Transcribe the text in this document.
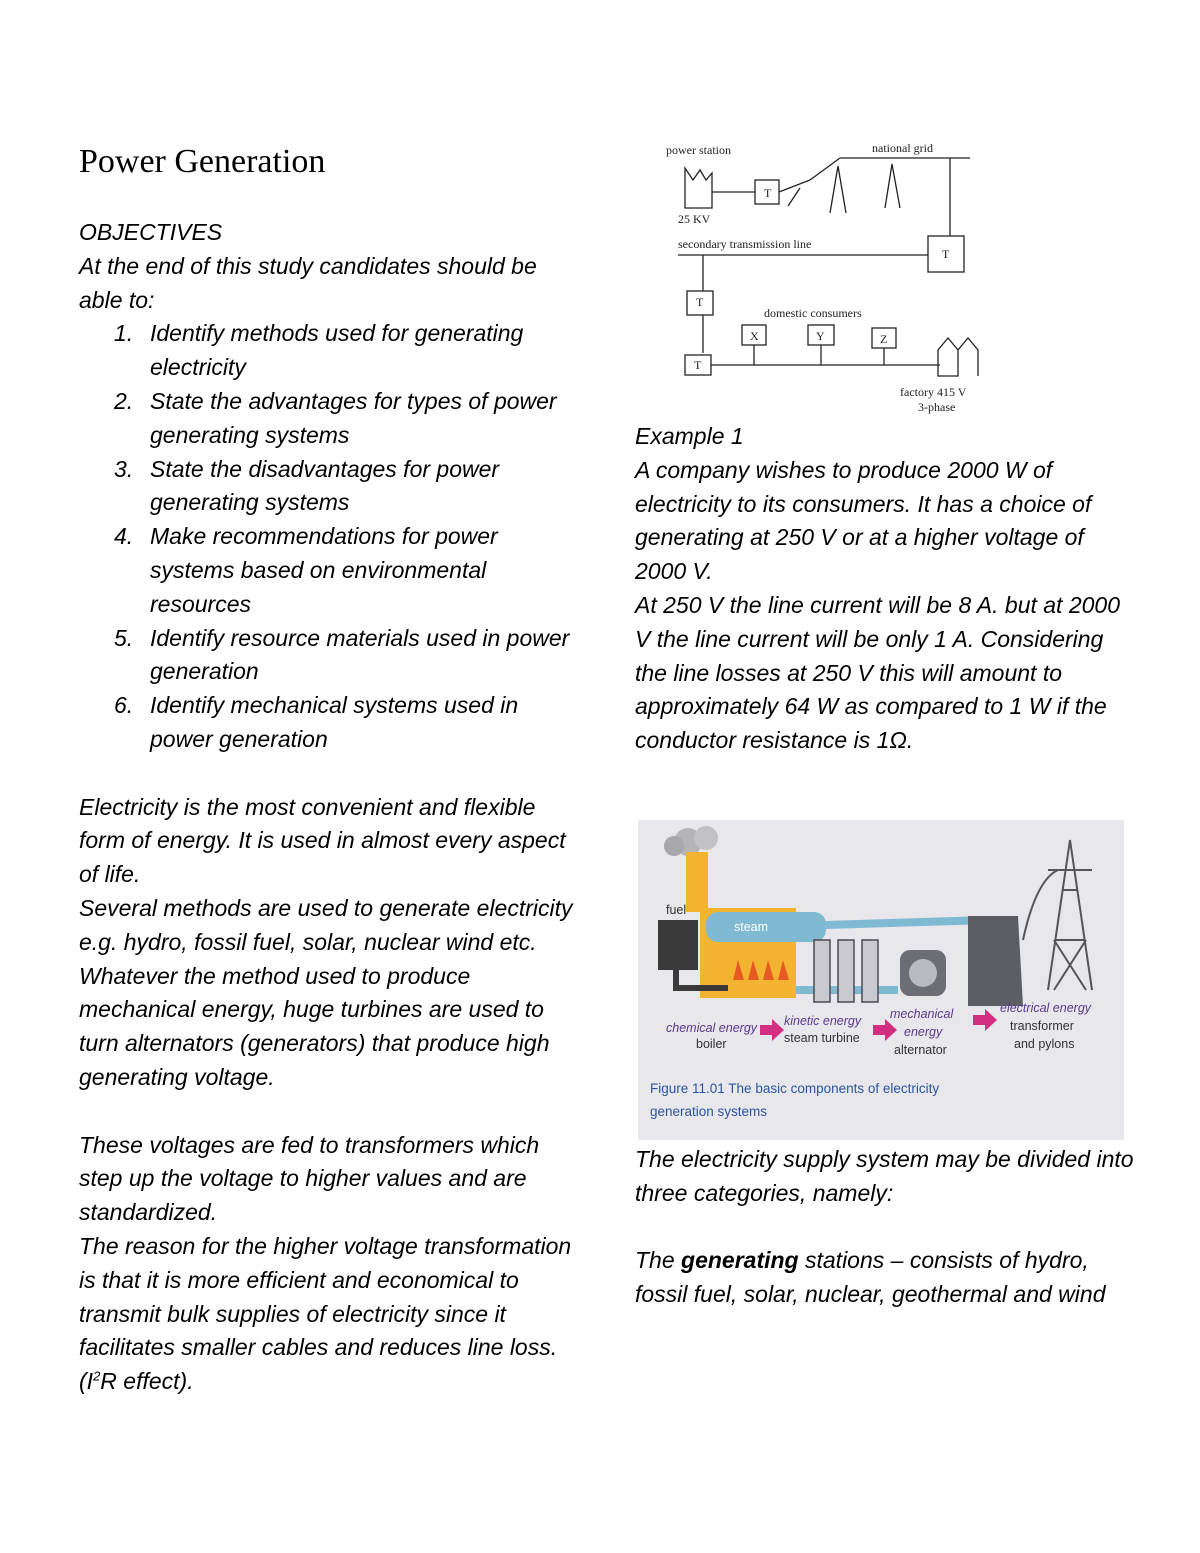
Power Generation

OBJECTIVES

At the end of this study candidates should be able to:

1. Identify methods used for generating electricity
2. State the advantages for types of power generating systems
3. State the disadvantages for power generating systems
4. Make recommendations for power systems based on environmental resources
5. Identify resource materials used in power generation
6. Identify mechanical systems used in power generation

Electricity is the most convenient and flexible form of energy. It is used in almost every aspect of life.

Several methods are used to generate electricity e.g. hydro, fossil fuel, solar, nuclear wind etc. Whatever the method used to produce mechanical energy, huge turbines are used to turn alternators (generators) that produce high generating voltage.

These voltages are fed to transformers which step up the voltage to higher values and are standardized.

The reason for the higher voltage transformation is that it is more efficient and economical to transmit bulk supplies of electricity since it facilitates smaller cables and reduces line loss. ($I^2R$ effect).

power station	national grid
25 KV
secondary transmission line
T
T
T
T
domestic consumers
X	Y	Z
factory 415 V
3-phase

Example 1

A company wishes to produce 2000 W of electricity to its consumers. It has a choice of generating at 250 V or at a higher voltage of 2000 V.

At 250 V the line current will be 8 A. but at 2000 V the line current will be only 1 A. Considering the line losses at 250 V this will amount to approximately 64 W as compared to 1 W if the conductor resistance is 1Ω.

fuel
steam
chemical energy
boiler
kinetic energy
steam turbine
mechanical
energy
alternator
electrical energy
transformer
and pylons
Figure 11.01 The basic components of electricity
generation systems

The electricity supply system may be divided into three categories, namely:

The generating stations – consists of hydro, fossil fuel, solar, nuclear, geothermal and wind
